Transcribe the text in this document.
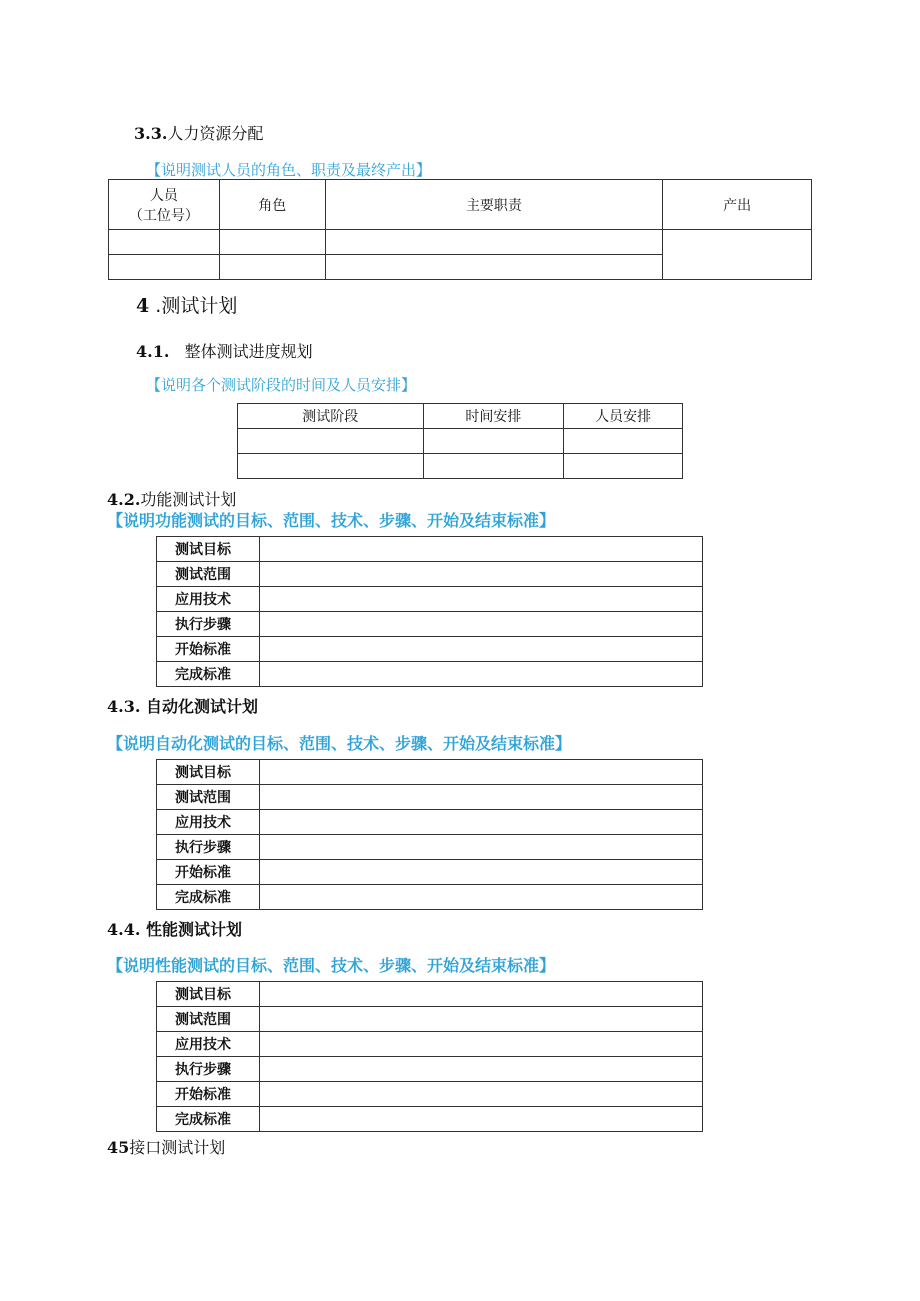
3.3.人力资源分配
【说明测试人员的角色、职责及最终产出】
人员
（工位号）	角色	主要职责	产出

4 .测试计划
4.1. 整体测试进度规划
【说明各个测试阶段的时间及人员安排】
测试阶段	时间安排	人员安排

4.2.功能测试计划
【说明功能测试的目标、范围、技术、步骤、开始及结束标准】
测试目标	
测试范围	
应用技术	
执行步骤	
开始标准	
完成标准	
4.3. 自动化测试计划
【说明自动化测试的目标、范围、技术、步骤、开始及结束标准】
测试目标	
测试范围	
应用技术	
执行步骤	
开始标准	
完成标准	
4.4. 性能测试计划
【说明性能测试的目标、范围、技术、步骤、开始及结束标准】
测试目标	
测试范围	
应用技术	
执行步骤	
开始标准	
完成标准	
45接口测试计划
